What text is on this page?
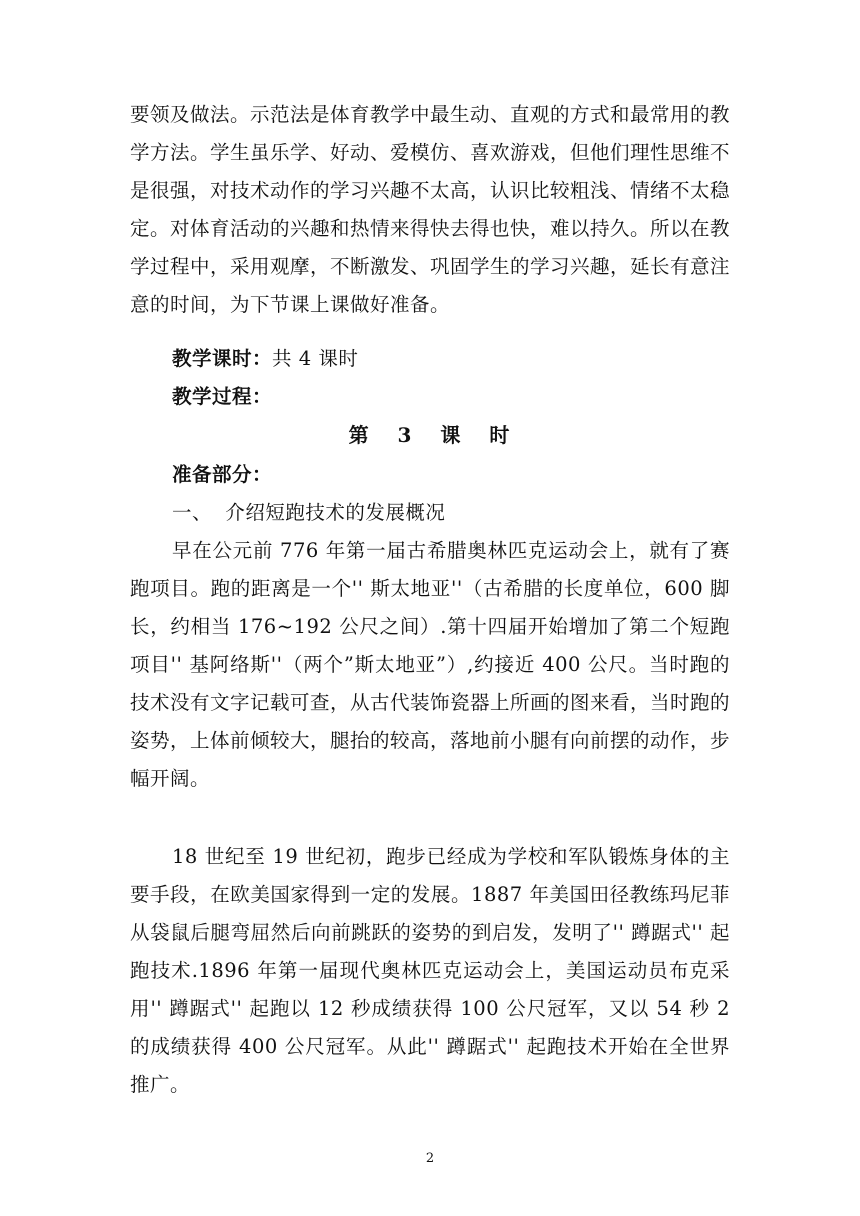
要领及做法。示范法是体育教学中最生动、直观的方式和最常用的教学方法。学生虽乐学、好动、爱模仿、喜欢游戏，但他们理性思维不是很强，对技术动作的学习兴趣不太高，认识比较粗浅、情绪不太稳定。对体育活动的兴趣和热情来得快去得也快，难以持久。所以在教学过程中，采用观摩，不断激发、巩固学生的学习兴趣，延长有意注意的时间，为下节课上课做好准备。
教学课时：共 4 课时
教学过程：
第 3 课 时
准备部分：
一、  介绍短跑技术的发展概况
早在公元前 776 年第一届古希腊奥林匹克运动会上，就有了赛跑项目。跑的距离是一个'' 斯太地亚''（古希腊的长度单位，600 脚长，约相当 176~192 公尺之间）.第十四届开始增加了第二个短跑项目'' 基阿络斯''（两个”斯太地亚”）,约接近 400 公尺。当时跑的技术没有文字记载可查，从古代装饰瓷器上所画的图来看，当时跑的姿势，上体前倾较大，腿抬的较高，落地前小腿有向前摆的动作，步幅开阔。
18 世纪至 19 世纪初，跑步已经成为学校和军队锻炼身体的主要手段，在欧美国家得到一定的发展。1887 年美国田径教练玛尼菲从袋鼠后腿弯屈然后向前跳跃的姿势的到启发，发明了'' 蹲踞式'' 起跑技术.1896 年第一届现代奥林匹克运动会上，美国运动员布克采用'' 蹲踞式'' 起跑以 12 秒成绩获得 100 公尺冠军，又以 54 秒 2 的成绩获得 400 公尺冠军。从此'' 蹲踞式'' 起跑技术开始在全世界推广。
2
